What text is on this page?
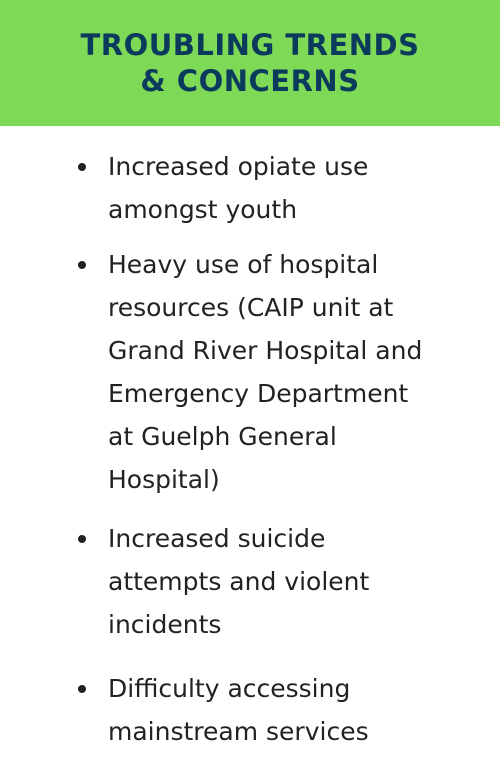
TROUBLING TRENDS & CONCERNS
Increased opiate use amongst youth
Heavy use of hospital resources (CAIP unit at Grand River Hospital and Emergency Department at Guelph General Hospital)
Increased suicide attempts and violent incidents
Difficulty accessing mainstream services
